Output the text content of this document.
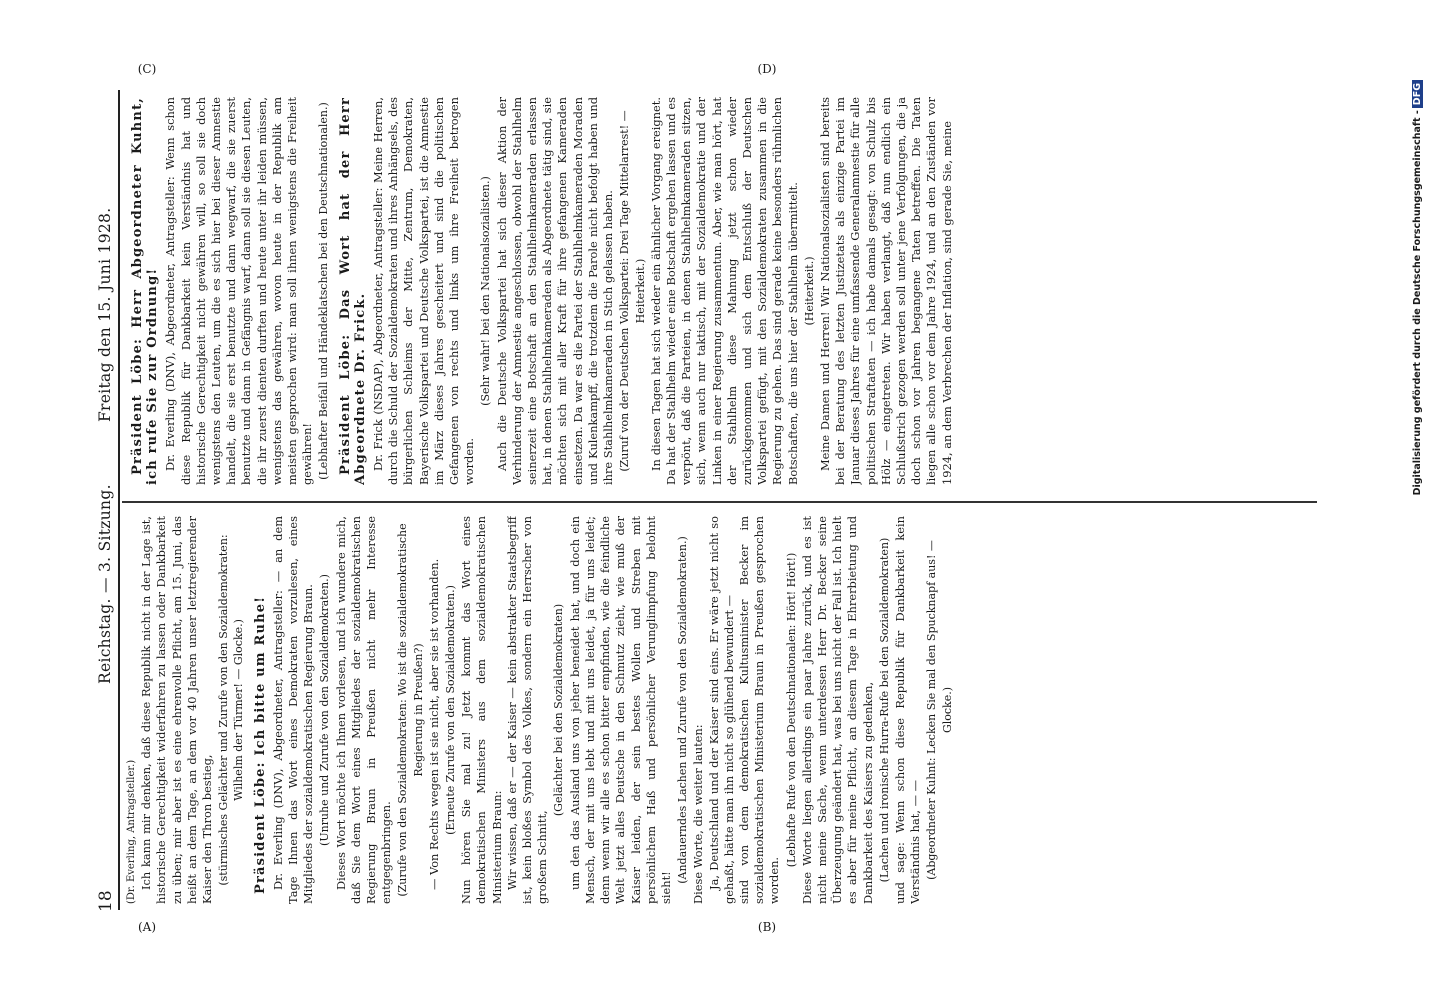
18
Reichstag. — 3. Sitzung.
Freitag den 15. Juni 1928.
(A)	(B)
(C)	(D)

(Dr. Everling, Antragsteller.) Ich kann mir denken, daß diese Republik nicht in der Lage ist, historische Gerechtigkeit widerfahren zu lassen oder Dankbarkeit zu üben; mir aber ist es eine ehrenvolle Pflicht, am 15. Juni, das heißt an dem Tage, an dem vor 40 Jahren unser letztregierender Kaiser den Thron bestieg, (stürmisches Gelächter und Zurufe von den Sozialdemokraten: Wilhelm der Türmer! — Glocke.) Präsident Löbe: Ich bitte um Ruhe! Dr. Everling (DNV), Abgeordneter, Antragsteller: — an dem Tage Ihnen das Wort eines Demokraten vorzulesen, eines Mitgliedes der sozialdemokratischen Regierung Braun. (Unruhe und Zurufe von den Sozialdemokraten.) Dieses Wort möchte ich Ihnen vorlesen, und ich wundere mich, daß Sie dem Wort eines Mitgliedes der sozialdemokratischen Regierung Braun in Preußen nicht mehr Interesse entgegenbringen. (Zurufe von den Sozialdemokraten: Wo ist die sozialdemokratische Regierung in Preußen?) — Von Rechts wegen ist sie nicht, aber sie ist vorhanden. (Erneute Zurufe von den Sozialdemokraten.) Nun hören Sie mal zu! Jetzt kommt das Wort eines demokratischen Ministers aus dem sozialdemokratischen Ministerium Braun: Wir wissen, daß er — der Kaiser — kein abstrakter Staatsbegriff ist, kein bloßes Symbol des Volkes, sondern ein Herrscher von großem Schnitt,

(Gelächter bei den Sozialdemokraten) um den das Ausland uns von jeher beneidet hat, und doch ein Mensch, der mit uns lebt und mit uns leidet, ja für uns leidet; denn wenn wir alle es schon bitter empfinden, wie die feindliche Welt jetzt alles Deutsche in den Schmutz zieht, wie muß der Kaiser leiden, der sein bestes Wollen und Streben mit persönlichem Haß und persönlicher Verunglimpfung belohnt sieht!

(Andauerndes Lachen und Zurufe von den Sozialdemokraten.) Diese Worte, die weiter lauten: Ja, Deutschland und der Kaiser sind eins. Er wäre jetzt nicht so gehaßt, hätte man ihn nicht so glühend bewundert — sind von dem demokratischen Kultusminister Becker im sozialdemokratischen Ministerium Braun in Preußen gesprochen worden.

(Lebhafte Rufe von den Deutschnationalen: Hört! Hört!) Diese Worte liegen allerdings ein paar Jahre zurück, und es ist nicht meine Sache, wenn unterdessen Herr Dr. Becker seine Überzeugung geändert hat, was bei uns nicht der Fall ist. Ich hielt es aber für meine Pflicht, an diesem Tage in Ehrerbietung und Dankbarkeit des Kaisers zu gedenken, (Lachen und ironische Hurra-Rufe bei den Sozialdemokraten) und sage: Wenn schon diese Republik für Dankbarkeit kein Verständnis hat, — — (Abgeordneter Kuhnt: Lecken Sie mal den Spucknapf aus! — Glocke.)

Präsident Löbe: Herr Abgeordneter Kuhnt, ich rufe Sie zur Ordnung! Dr. Everling (DNV), Abgeordneter, Antragsteller: Wenn schon diese Republik für Dankbarkeit kein Verständnis hat und historische Gerechtigkeit nicht gewähren will, so soll sie doch wenigstens den Leuten, um die es sich hier bei dieser Amnestie handelt, die sie erst benutzte und dann wegwarf, die sie zuerst benutzte und dann in Gefängnis warf, dann soll sie diesen Leuten, die ihr zuerst dienten durften und heute unter ihr leiden müssen, wenigstens das gewähren, wovon heute in der Republik am meisten gesprochen wird: man soll ihnen wenigstens die Freiheit gewähren! (Lebhafter Beifall und Händeklatschen bei den Deutschnationalen.) Präsident Löbe: Das Wort hat der Herr Abgeordnete Dr. Frick. Dr. Frick (NSDAP), Abgeordneter, Antragsteller: Meine Herren, durch die Schuld der Sozialdemokraten und ihres Anhängsels, des bürgerlichen Schleims der Mitte, Zentrum, Demokraten, Bayerische Volkspartei und Deutsche Volkspartei, ist die Amnestie im März dieses Jahres gescheitert und sind die politischen Gefangenen von rechts und links um ihre Freiheit betrogen worden.

(Sehr wahr! bei den Nationalsozialisten.) Auch die Deutsche Volkspartei hat sich dieser Aktion der Verhinderung der Amnestie angeschlossen, obwohl der Stahlhelm seinerzeit eine Botschaft an den Stahlhelmkameraden erlassen hat, in denen Stahlhelmkameraden als Abgeordnete tätig sind, sie möchten sich mit aller Kraft für ihre gefangenen Kameraden einsetzen. Da war es die Partei der Stahlhelmkameraden Moraden und Kulenkampff, die trotzdem die Parole nicht befolgt haben und ihre Stahlhelmkameraden in Stich gelassen haben. (Zuruf von der Deutschen Volkspartei: Drei Tage Mittelarrest! — Heiterkeit.) In diesen Tagen hat sich wieder ein ähnlicher Vorgang ereignet. Da hat der Stahlhelm wieder eine Botschaft ergehen lassen und es verpönt, daß die Parteien, in denen Stahlhelmkameraden sitzen, sich, wenn auch nur taktisch, mit der Sozialdemokratie und der Linken in einer Regierung zusammentun. Aber, wie man hört, hat der Stahlhelm diese Mahnung jetzt schon wieder zurückgenommen und sich dem Entschluß der Deutschen Volkspartei gefügt, mit den Sozialdemokraten zusammen in die Regierung zu gehen. Das sind gerade keine besonders rühmlichen Botschaften, die uns hier der Stahlhelm übermittelt. (Heiterkeit.) Meine Damen und Herren! Wir Nationalsozialisten sind bereits bei der Beratung des letzten Justizetats als einzige Partei im Januar dieses Jahres für eine umfassende Generalamnestie für alle politischen Straftaten — ich habe damals gesagt: von Schulz bis Hölz — eingetreten. Wir haben verlangt, daß nun endlich ein Schlußstrich gezogen werden soll unter jene Verfolgungen, die ja doch schon vor Jahren begangene Taten betreffen. Die Taten liegen alle schon vor dem Jahre 1924, und an den Zuständen vor 1924, an dem Verbrechen der Inflation, sind gerade Sie, meine	Digitalisierung gefördert durch die Deutsche Forschungsgemeinschaft -DFG
